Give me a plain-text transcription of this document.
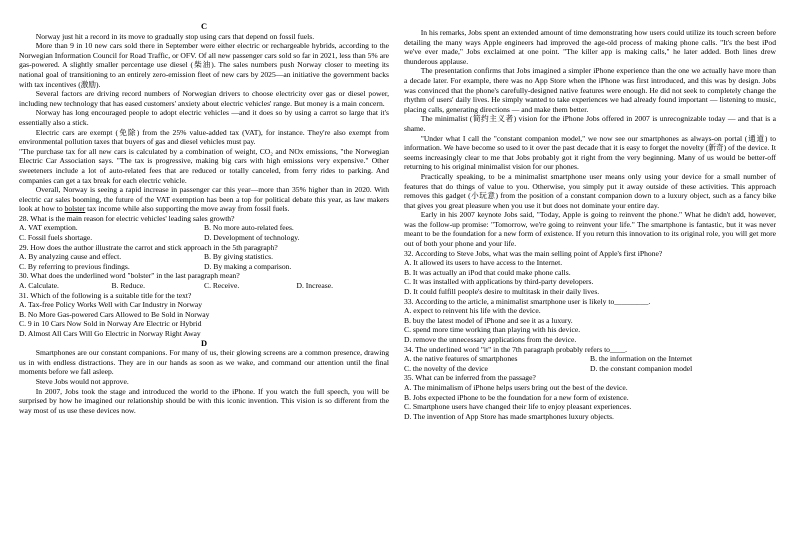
C

Norway just hit a record in its move to gradually stop using cars that depend on fossil fuels.

More than 9 in 10 new cars sold there in September were either electric or rechargeable hybrids, according to the Norwegian Information Council for Road Traffic, or OFV. Of all new passenger cars sold so far in 2021, less than 5% are gas-powered. A slightly smaller percentage use diesel (柴油). The sales numbers push Norway closer to meeting its national goal of transitioning to an entirely zero-emission fleet of new cars by 2025—an initiative the government backs with tax incentives (激励).

Several factors are driving record numbers of Norwegian drivers to choose electricity over gas or diesel power, including new technology that has eased customers' anxiety about electric vehicles' range. But money is a main concern.

Norway has long encouraged people to adopt electric vehicles —and it does so by using a carrot so large that it's essentially also a stick.

Electric cars are exempt (免除) from the 25% value-added tax (VAT), for instance. They're also exempt from environmental pollution taxes that buyers of gas and diesel vehicles must pay.

"The purchase tax for all new cars is calculated by a combination of weight, CO₂ and NOx emissions, "the Norwegian Electric Car Association says. "The tax is progressive, making big cars with high emissions very expensive." Other sweeteners include a lot of auto-related fees that are reduced or totally canceled, from ferry rides to parking. And companies can get a tax break for each electric vehicle.

Overall, Norway is seeing a rapid increase in passenger car this year—more than 35% higher than in 2020. With electric car sales booming, the future of the VAT exemption has been a top for political debate this year, as law makers look at how to bolster tax income while also supporting the move away from fossil fuels.

28. What is the main reason for electric vehicles' leading sales growth?
A. VAT exemption.	B. No more auto-related fees.
C. Fossil fuels shortage.	D. Development of technology.
29. How does the author illustrate the carrot and stick approach in the 5th paragraph?
A. By analyzing cause and effect.	B. By giving statistics.
C. By referring to previous findings.	D. By making a comparison.
30. What does the underlined word "bolster" in the last paragraph mean?
A. Calculate.	B. Reduce.	C. Receive.	D. Increase.
31. Which of the following is a suitable title for the text?
A. Tax-free Policy Works Well with Car Industry in Norway
B. No More Gas-powered Cars Allowed to Be Sold in Norway
C. 9 in 10 Cars Now Sold in Norway Are Electric or Hybrid
D. Almost All Cars Will Go Electric in Norway Right Away
D

Smartphones are our constant companions. For many of us, their glowing screens are a common presence, drawing us in with endless distractions. They are in our hands as soon as we wake, and command our attention until the final moments before we fall asleep.

Steve Jobs would not approve.

In 2007, Jobs took the stage and introduced the world to the iPhone. If you watch the full speech, you will be surprised by how he imagined our relationship should be with this iconic invention. This vision is so different from the way most of us use these devices now.

In his remarks, Jobs spent an extended amount of time demonstrating how users could utilize its touch screen before detailing the many ways Apple engineers had improved the age-old process of making phone calls. "It's the best iPod we've ever made," Jobs exclaimed at one point. "The killer app is making calls," he later added. Both lines drew thunderous applause.

The presentation confirms that Jobs imagined a simpler iPhone experience than the one we actually have more than a decade later. For example, there was no App Store when the iPhone was first introduced, and this was by design. Jobs was convinced that the phone's carefully-designed native features were enough. He did not seek to completely change the rhythm of users' daily lives. He simply wanted to take experiences we had already found important — listening to music, placing calls, generating directions — and make them better.

The minimalist (简约主义者) vision for the iPhone Jobs offered in 2007 is unrecognizable today — and that is a shame.

"Under what I call the "constant companion model," we now see our smartphones as always-on portal (通道) to information. We have become so used to it over the past decade that it is easy to forget the novelty (新奇) of the device. It seems increasingly clear to me that Jobs probably got it right from the very beginning. Many of us would be better-off returning to his original minimalist vision for our phones.

Practically speaking, to be a minimalist smartphone user means only using your device for a small number of features that do things of value to you. Otherwise, you simply put it away outside of these activities. This approach removes this gadget (小玩意) from the position of a constant companion down to a luxury object, such as a fancy bike that gives you great pleasure when you use it but does not dominate your entire day.

Early in his 2007 keynote Jobs said, "Today, Apple is going to reinvent the phone." What he didn't add, however, was the follow-up promise: "Tomorrow, we're going to reinvent your life." The smartphone is fantastic, but it was never meant to be the foundation for a new form of existence. If you return this innovation to its original role, you will get more out of both your phone and your life.

32. According to Steve Jobs, what was the main selling point of Apple's first iPhone?
A. It allowed its users to have access to the Internet.
B. It was actually an iPod that could make phone calls.
C. It was installed with applications by third-party developers.
D. It could fulfill people's desire to multitask in their daily lives.
33. According to the article, a minimalist smartphone user is likely to_________.
A. expect to reinvent his life with the device.
B. buy the latest model of iPhone and see it as a luxury.
C. spend more time working than playing with his device.
D. remove the unnecessary applications from the device.
34. The underlined word "it" in the 7th paragraph probably refers to____.
A. the native features of smartphones	B. the information on the Internet
C. the novelty of the device	D. the constant companion model
35. What can be inferred from the passage?
A. The minimalism of iPhone helps users bring out the best of the device.
B. Jobs expected iPhone to be the foundation for a new form of existence.
C. Smartphone users have changed their life to enjoy pleasant experiences.
D. The invention of App Store has made smartphones luxury objects.
